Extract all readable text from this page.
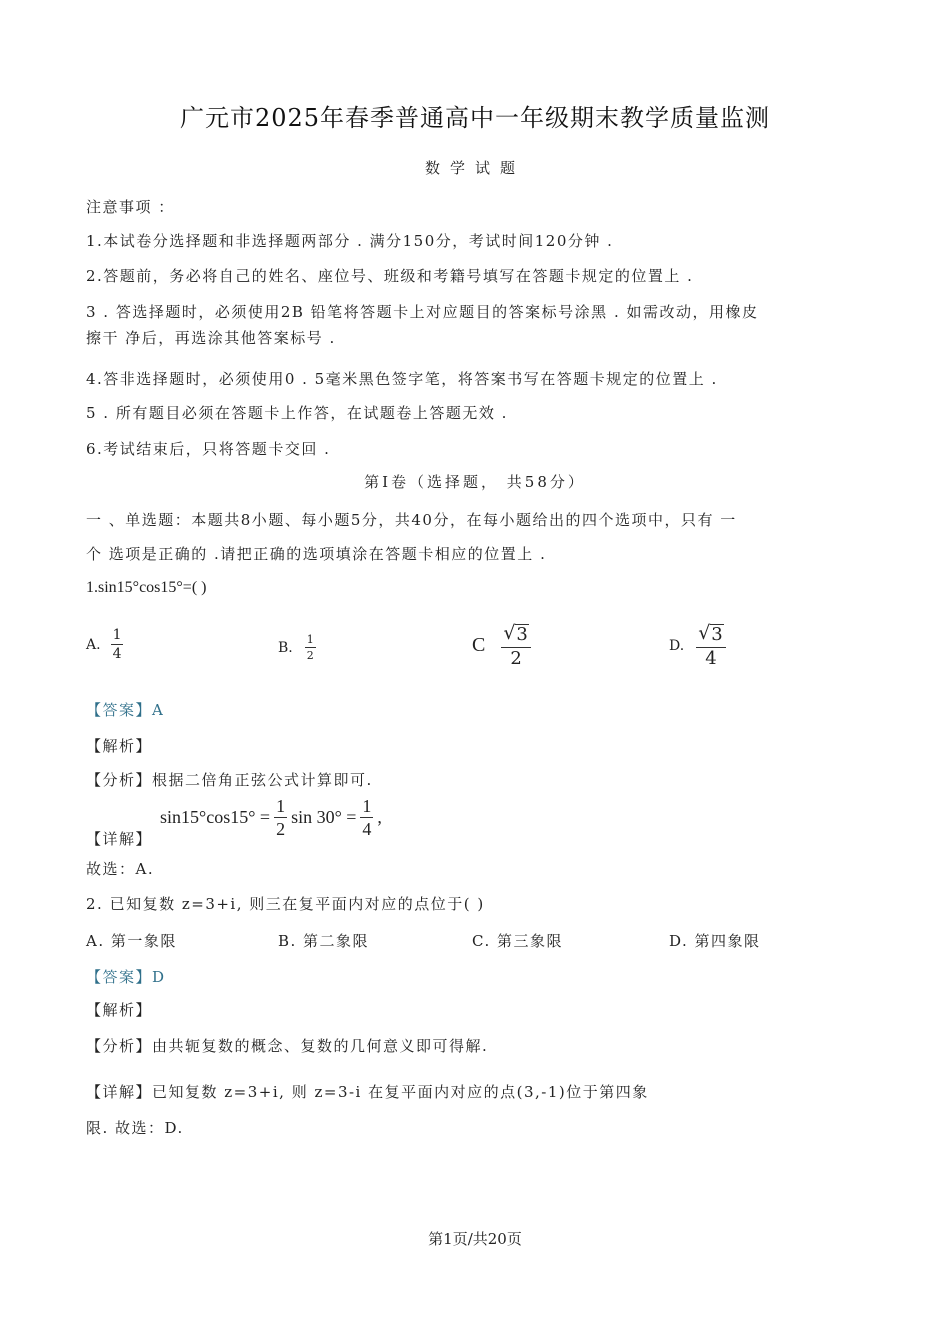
广元市2025年春季普通高中一年级期末教学质量监测
数学试题
注意事项 ：
1.本试卷分选择题和非选择题两部分 . 满分150分，考试时间120分钟 .
2.答题前，务必将自己的姓名、座位号、班级和考籍号填写在答题卡规定的位置上 .
3 . 答选择题时，必须使用2B 铅笔将答题卡上对应题目的答案标号涂黑 . 如需改动，用橡皮
擦干 净后，再选涂其他答案标号 .
4.答非选择题时，必须使用0 . 5毫米黑色签字笔，将答案书写在答题卡规定的位置上 .
5 . 所有题目必须在答题卡上作答，在试题卷上答题无效 .
6.考试结束后，只将答题卡交回 .
第Ⅰ卷（选择题， 共58分）
一 、单选题：本题共8小题、每小题5分，共40分，在每小题给出的四个选项中，只有 一
个 选项是正确的 .请把正确的选项填涂在答题卡相应的位置上 .
1.sin15°cos15°=( )
A. $\frac{1}{4}$	B. $\frac{1}{2}$	C $\frac{√ 3}{2}$	D. $\frac{√ 3}{4}$
【答案】A
【解析】
【分析】根据二倍角正弦公式计算即可.
【详解】
$\sin 15^\circ\cos 15^\circ = \frac{1}{2}$ $\sin 30^\circ = \frac{1}{4}$ ,
故选：A.
2. 已知复数 z=3+i, 则三在复平面内对应的点位于( )
A. 第一象限	B. 第二象限	C. 第三象限	D. 第四象限
【答案】D
【解析】
【分析】由共轭复数的概念、复数的几何意义即可得解.
【详解】已知复数 z=3+i, 则 z=3-i 在复平面内对应的点(3,-1)位于第四象
限. 故选：D.
第1页/共20页
